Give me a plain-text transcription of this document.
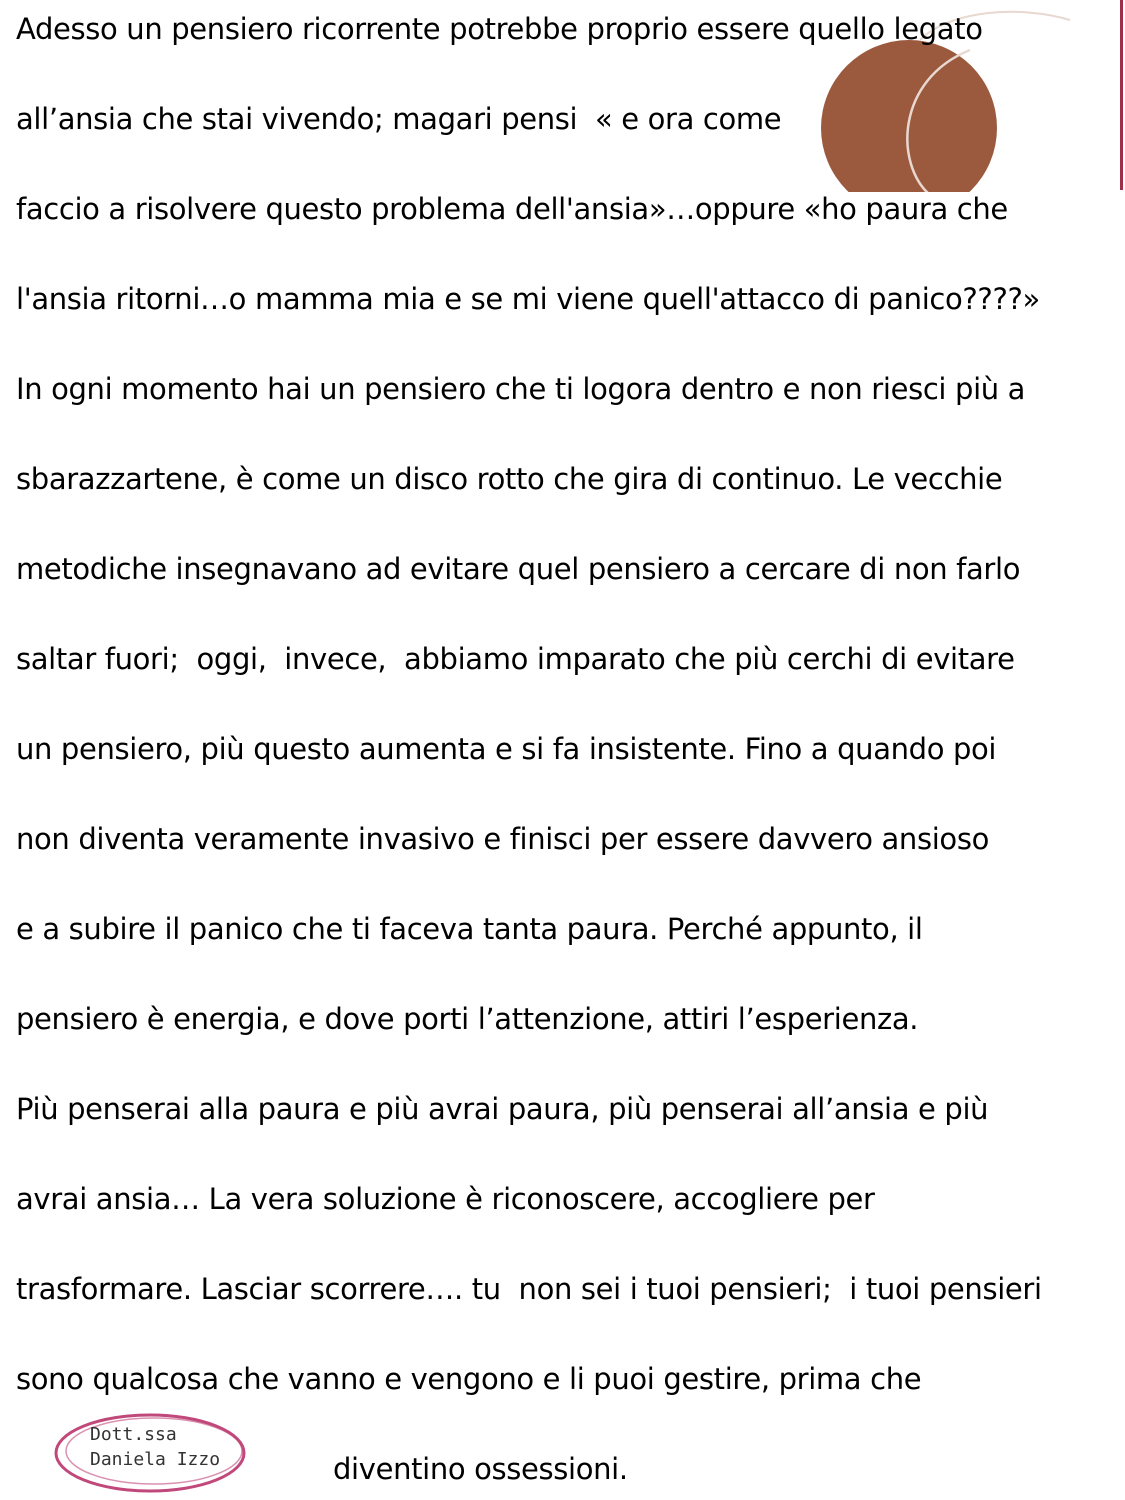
Adesso un pensiero ricorrente potrebbe proprio essere quello legato
all’ansia che stai vivendo; magari pensi  « e ora come
faccio a risolvere questo problema dell'ansia»…oppure «ho paura che
l'ansia ritorni…o mamma mia e se mi viene quell'attacco di panico????»
In ogni momento hai un pensiero che ti logora dentro e non riesci più a
sbarazzartene, è come un disco rotto che gira di continuo. Le vecchie
metodiche insegnavano ad evitare quel pensiero a cercare di non farlo
saltar fuori;  oggi,  invece,  abbiamo imparato che più cerchi di evitare
un pensiero, più questo aumenta e si fa insistente. Fino a quando poi
non diventa veramente invasivo e finisci per essere davvero ansioso
e a subire il panico che ti faceva tanta paura. Perché appunto, il
pensiero è energia, e dove porti l’attenzione, attiri l’esperienza.
Più penserai alla paura e più avrai paura, più penserai all’ansia e più
avrai ansia… La vera soluzione è riconoscere, accogliere per
trasformare. Lasciar scorrere…. tu  non sei i tuoi pensieri;  i tuoi pensieri
sono qualcosa che vanno e vengono e li puoi gestire, prima che
diventino ossessioni.
Dott.ssa
Daniela Izzo
